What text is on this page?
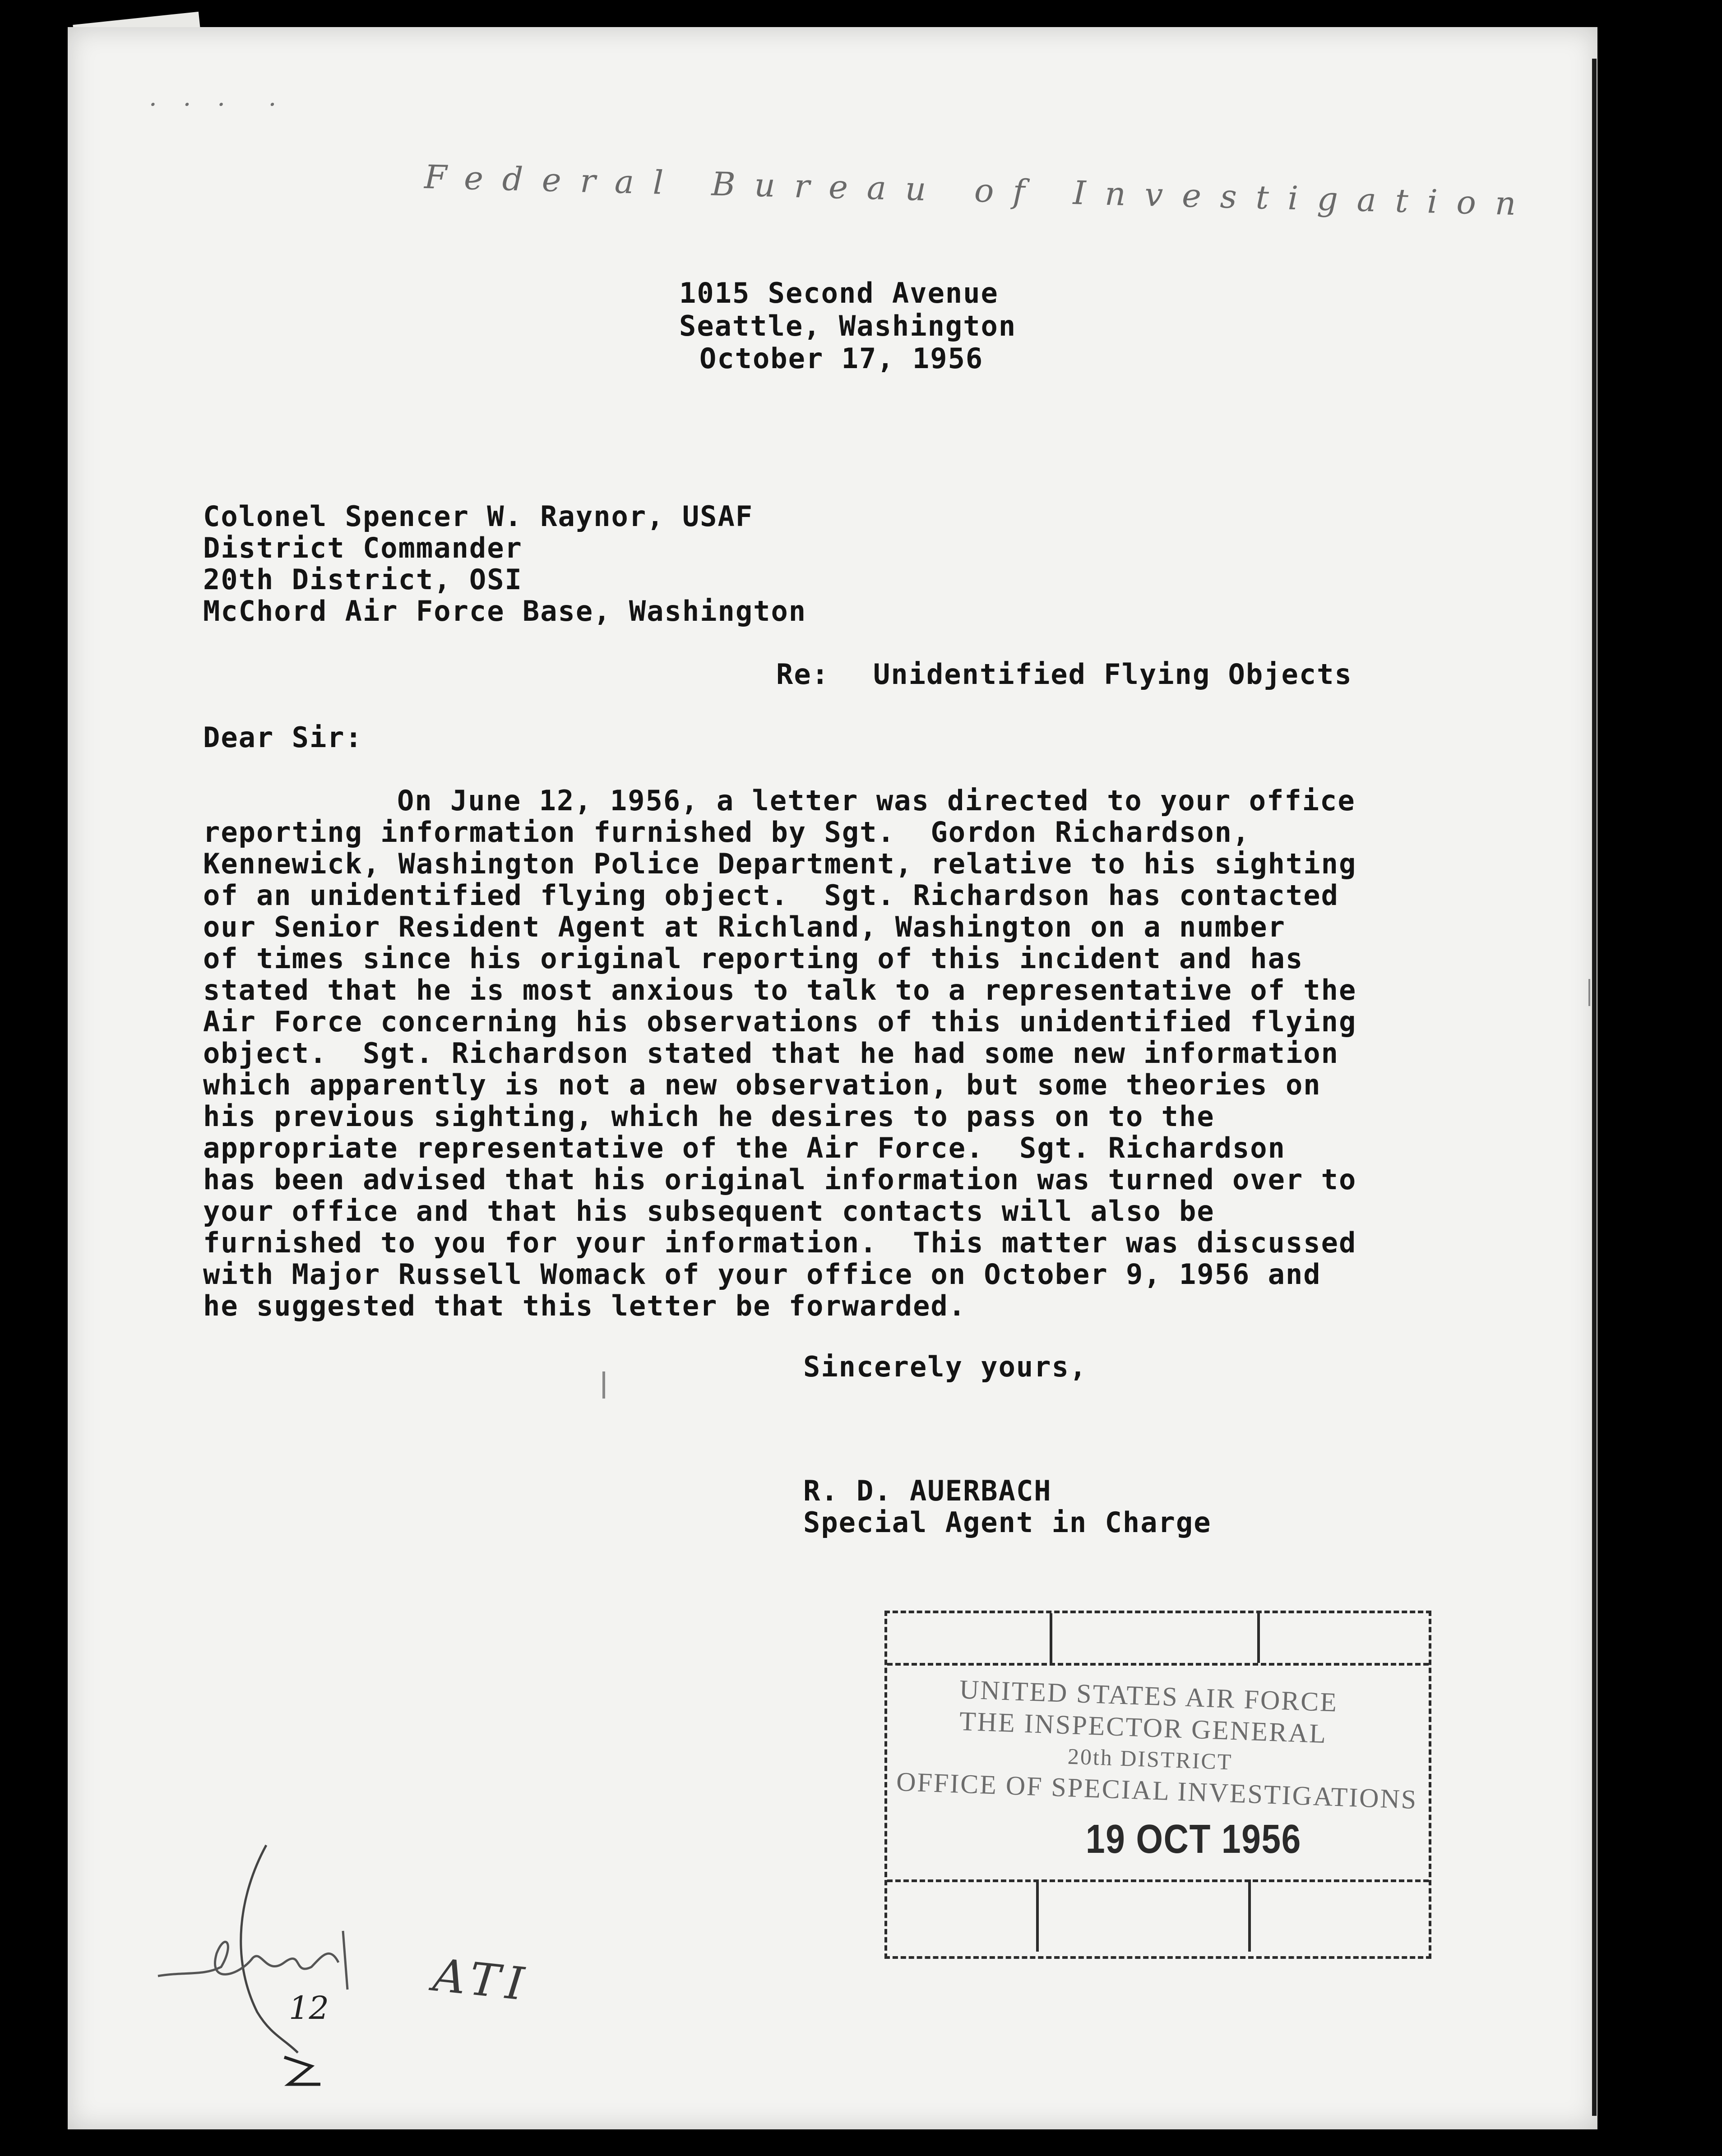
· · ·  ·
Federal Bureau of Investigation
1015 Second Avenue
Seattle, Washington
October 17, 1956
Colonel Spencer W. Raynor, USAF
District Commander
20th District, OSI
McChord Air Force Base, Washington
Re: Unidentified Flying Objects
Dear Sir:
On June 12, 1956, a letter was directed to your office
reporting information furnished by Sgt.  Gordon Richardson,
Kennewick, Washington Police Department, relative to his sighting
of an unidentified flying object.  Sgt. Richardson has contacted
our Senior Resident Agent at Richland, Washington on a number
of times since his original reporting of this incident and has
stated that he is most anxious to talk to a representative of the
Air Force concerning his observations of this unidentified flying
object.  Sgt. Richardson stated that he had some new information
which apparently is not a new observation, but some theories on
his previous sighting, which he desires to pass on to the
appropriate representative of the Air Force.  Sgt. Richardson
has been advised that his original information was turned over to
your office and that his subsequent contacts will also be
furnished to you for your information.  This matter was discussed
with Major Russell Womack of your office on October 9, 1956 and
he suggested that this letter be forwarded.
Sincerely yours,
R. D. AUERBACH
Special Agent in Charge
UNITED STATES AIR FORCE
THE INSPECTOR GENERAL
20th DISTRICT
OFFICE OF SPECIAL INVESTIGATIONS
19 OCT 1956
ATI
12
